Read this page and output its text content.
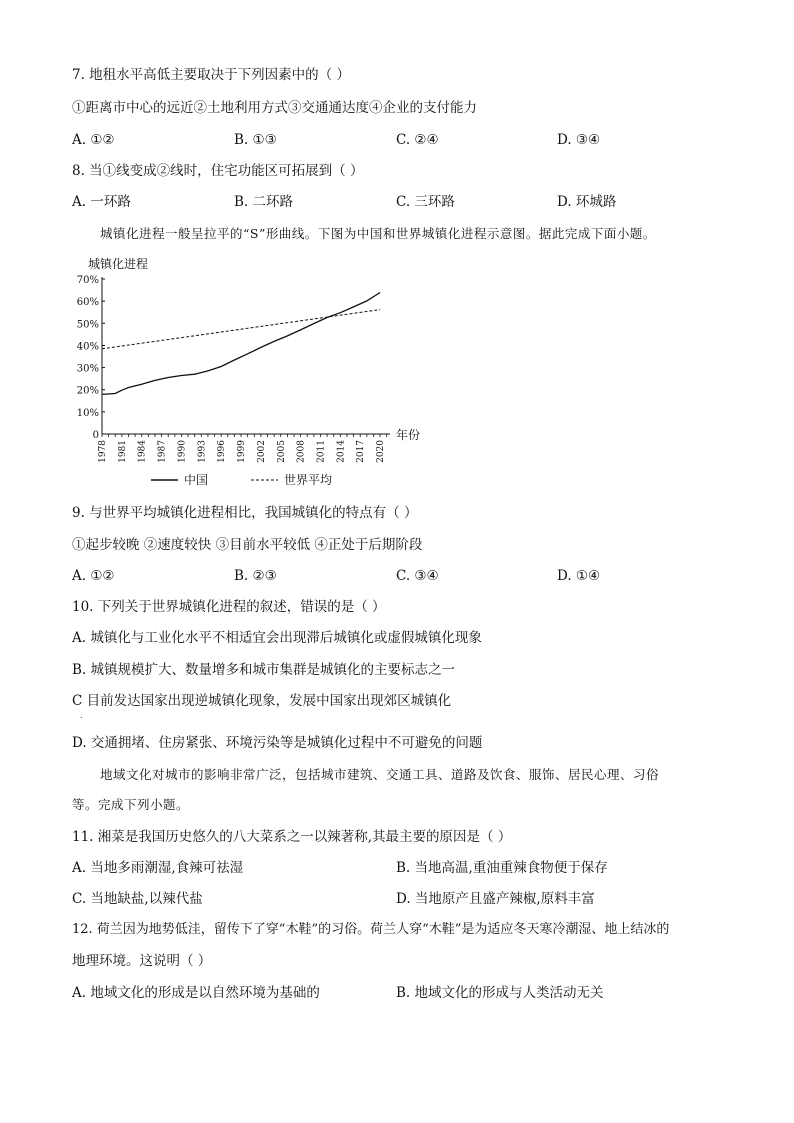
7. 地租水平高低主要取决于下列因素中的（ ）
①距离市中心的远近②土地利用方式③交通通达度④企业的支付能力
A. ①②	B. ①③	C. ②④	D. ③④
8. 当①线变成②线时，住宅功能区可拓展到（ ）
A. 一环路	B. 二环路	C. 三环路	D. 环城路
城镇化进程一般呈拉平的“S”形曲线。下图为中国和世界城镇化进程示意图。据此完成下面小题。
城镇化进程
年份
0
10%
20%
30%
40%
50%
60%
70%
1978 1981 1984 1987 1990 1993 1996 1999 2002 2005 2008 2011 2014 2017 2020
中国	世界平均
9. 与世界平均城镇化进程相比，我国城镇化的特点有（ ）
①起步较晚 ②速度较快 ③目前水平较低 ④正处于后期阶段
A. ①②	B. ②③	C. ③④	D. ①④
10. 下列关于世界城镇化进程的叙述，错误的是（ ）
A. 城镇化与工业化水平不相适宜会出现滞后城镇化或虚假城镇化现象
B. 城镇规模扩大、数量增多和城市集群是城镇化的主要标志之一
C 目前发达国家出现逆城镇化现象，发展中国家出现郊区城镇化
.
D. 交通拥堵、住房紧张、环境污染等是城镇化过程中不可避免的问题
地域文化对城市的影响非常广泛，包括城市建筑、交通工具、道路及饮食、服饰、居民心理、习俗
等。完成下列小题。
11. 湘菜是我国历史悠久的八大菜系之一以辣著称,其最主要的原因是（ ）
A. 当地多雨潮湿,食辣可祛湿	B. 当地高温,重油重辣食物便于保存
C. 当地缺盐,以辣代盐	D. 当地原产且盛产辣椒,原料丰富
12. 荷兰因为地势低洼，留传下了穿“木鞋”的习俗。荷兰人穿“木鞋”是为适应冬天寒冷潮湿、地上结冰的
地理环境。这说明（ ）
A. 地域文化的形成是以自然环境为基础的	B. 地域文化的形成与人类活动无关
